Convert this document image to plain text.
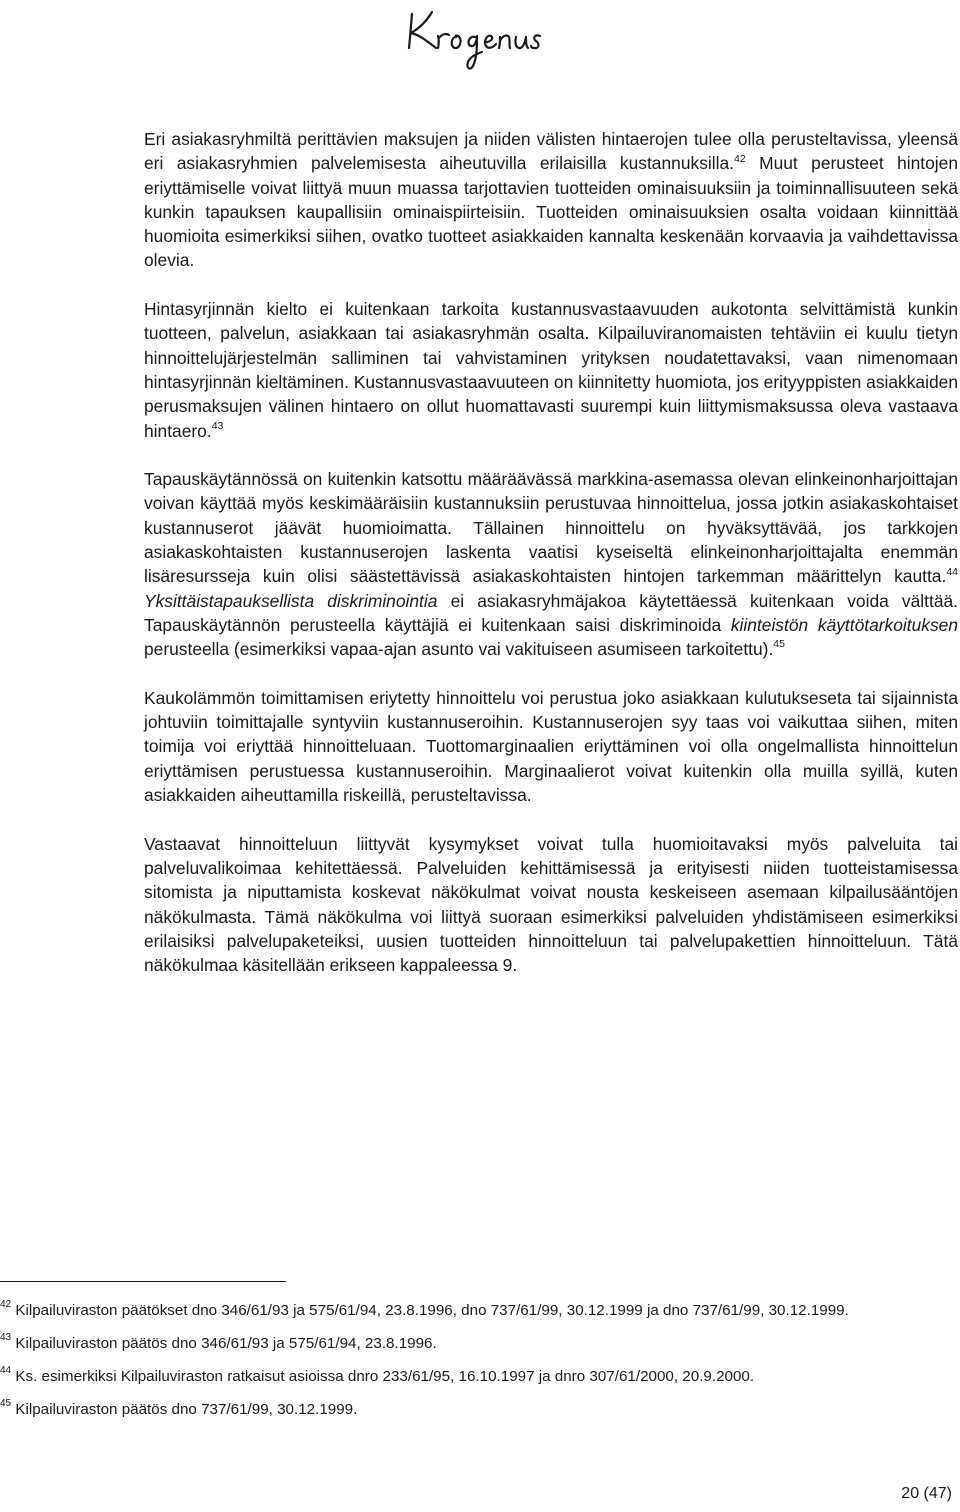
Eri asiakasryhmiltä perittävien maksujen ja niiden välisten hintaerojen tulee olla perusteltavissa, yleensä eri asiakasryhmien palvelemisesta aiheutuvilla erilaisilla kustannuksilla.$^{42}$ Muut perusteet hintojen eriyttämiselle voivat liittyä muun muassa tarjottavien tuotteiden ominaisuuksiin ja toiminnallisuuteen sekä kunkin tapauksen kaupallisiin ominaispiirteisiin. Tuotteiden ominaisuuksien osalta voidaan kiinnittää huomioita esimerkiksi siihen, ovatko tuotteet asiakkaiden kannalta keskenään korvaavia ja vaihdettavissa olevia.

Hintasyrjinnän kielto ei kuitenkaan tarkoita kustannusvastaavuuden aukotonta selvittämistä kunkin tuotteen, palvelun, asiakkaan tai asiakasryhmän osalta. Kilpailuviranomaisten tehtäviin ei kuulu tietyn hinnoittelujärjestelmän salliminen tai vahvistaminen yrityksen noudatettavaksi, vaan nimenomaan hintasyrjinnän kieltäminen. Kustannusvastaavuuteen on kiinnitetty huomiota, jos erityyppisten asiakkaiden perusmaksujen välinen hintaero on ollut huomattavasti suurempi kuin liittymismaksussa oleva vastaava hintaero.$^{43}$

Tapauskäytännössä on kuitenkin katsottu määräävässä markkina-asemassa olevan elinkeinonharjoittajan voivan käyttää myös keskimääräisiin kustannuksiin perustuvaa hinnoittelua, jossa jotkin asiakaskohtaiset kustannuserot jäävät huomioimatta. Tällainen hinnoittelu on hyväksyttävää, jos tarkkojen asiakaskohtaisten kustannuserojen laskenta vaatisi kyseiseltä elinkeinonharjoittajalta enemmän lisäresursseja kuin olisi säästettävissä asiakaskohtaisten hintojen tarkemman määrittelyn kautta.$^{44}$ Yksittäistapauksellista diskriminointia ei asiakasryhmäjakoa käytettäessä kuitenkaan voida välttää. Tapauskäytännön perusteella käyttäjiä ei kuitenkaan saisi diskriminoida kiinteistön käyttötarkoituksen perusteella (esimerkiksi vapaa-ajan asunto vai vakituiseen asumiseen tarkoitettu).$^{45}$

Kaukolämmön toimittamisen eriytetty hinnoittelu voi perustua joko asiakkaan kulutukseseta tai sijainnista johtuviin toimittajalle syntyviin kustannuseroihin. Kustannuserojen syy taas voi vaikuttaa siihen, miten toimija voi eriyttää hinnoitteluaan. Tuottomarginaalien eriyttäminen voi olla ongelmallista hinnoittelun eriyttämisen perustuessa kustannuseroihin. Marginaalierot voivat kuitenkin olla muilla syillä, kuten asiakkaiden aiheuttamilla riskeillä, perusteltavissa.

Vastaavat hinnoitteluun liittyvät kysymykset voivat tulla huomioitavaksi myös palveluita tai palveluvalikoimaa kehitettäessä. Palveluiden kehittämisessä ja erityisesti niiden tuotteistamisessa sitomista ja niputtamista koskevat näkökulmat voivat nousta keskeiseen asemaan kilpailusääntöjen näkökulmasta. Tämä näkökulma voi liittyä suoraan esimerkiksi palveluiden yhdistämiseen esimerkiksi erilaisiksi palvelupaketeiksi, uusien tuotteiden hinnoitteluun tai palvelupakettien hinnoitteluun. Tätä näkökulmaa käsitellään erikseen kappaleessa 9.

$^{42}$ Kilpailuviraston päätökset dno 346/61/93 ja 575/61/94, 23.8.1996, dno 737/61/99, 30.12.1999 ja dno 737/61/99, 30.12.1999.
$^{43}$ Kilpailuviraston päätös dno 346/61/93 ja 575/61/94, 23.8.1996.
$^{44}$ Ks. esimerkiksi Kilpailuviraston ratkaisut asioissa dnro 233/61/95, 16.10.1997 ja dnro 307/61/2000, 20.9.2000.
$^{45}$ Kilpailuviraston päätös dno 737/61/99, 30.12.1999.
20 (47)
